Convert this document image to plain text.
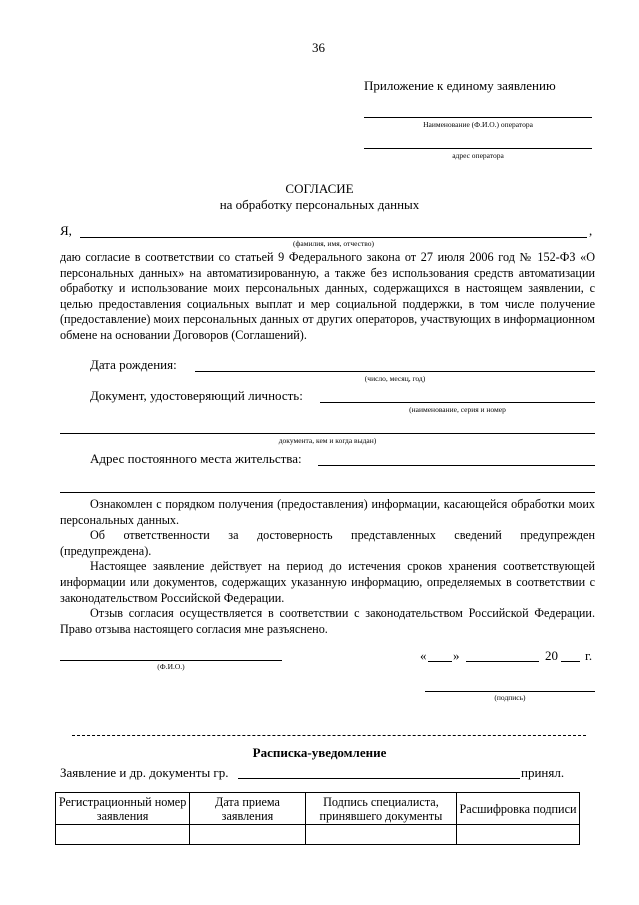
36
Приложение к единому заявлению
Наименование (Ф.И.О.) оператора
адрес оператора
СОГЛАСИЕ
на обработку персональных данных
Я,	,
(фамилия, имя, отчество)
даю согласие в соответствии со статьей 9 Федерального закона от 27 июля 2006 год № 152-ФЗ «О персональных данных» на автоматизированную, а также без использования средств автоматизации обработку и использование моих персональных данных, содержащихся в настоящем заявлении, с целью предоставления социальных выплат и мер социальной поддержки, в том числе получение (предоставление) моих персональных данных от других операторов, участвующих в информационном обмене на основании Договоров (Соглашений).
Дата рождения:
(число, месяц, год)
Документ, удостоверяющий личность:
(наименование, серия и номер
документа, кем и когда выдан)
Адрес постоянного места жительства:

Ознакомлен с порядком получения (предоставления) информации, касающейся обработки моих персональных данных.

Об ответственности за достоверность представленных сведений предупрежден (предупреждена).

Настоящее заявление действует на период до истечения сроков хранения соответствующей информации или документов, содержащих указанную информацию, определяемых в соответствии с законодательством Российской Федерации.

Отзыв согласия осуществляется в соответствии с законодательством Российской Федерации. Право отзыва настоящего согласия мне разъяснено.

(Ф.И.О.)
« »	20 г.
(подпись)
Расписка-уведомление
Заявление и др. документы гр.	принял.
Регистрационный номер заявления	Дата приема заявления	Подпись специалиста, принявшего документы	Расшифровка подписи
